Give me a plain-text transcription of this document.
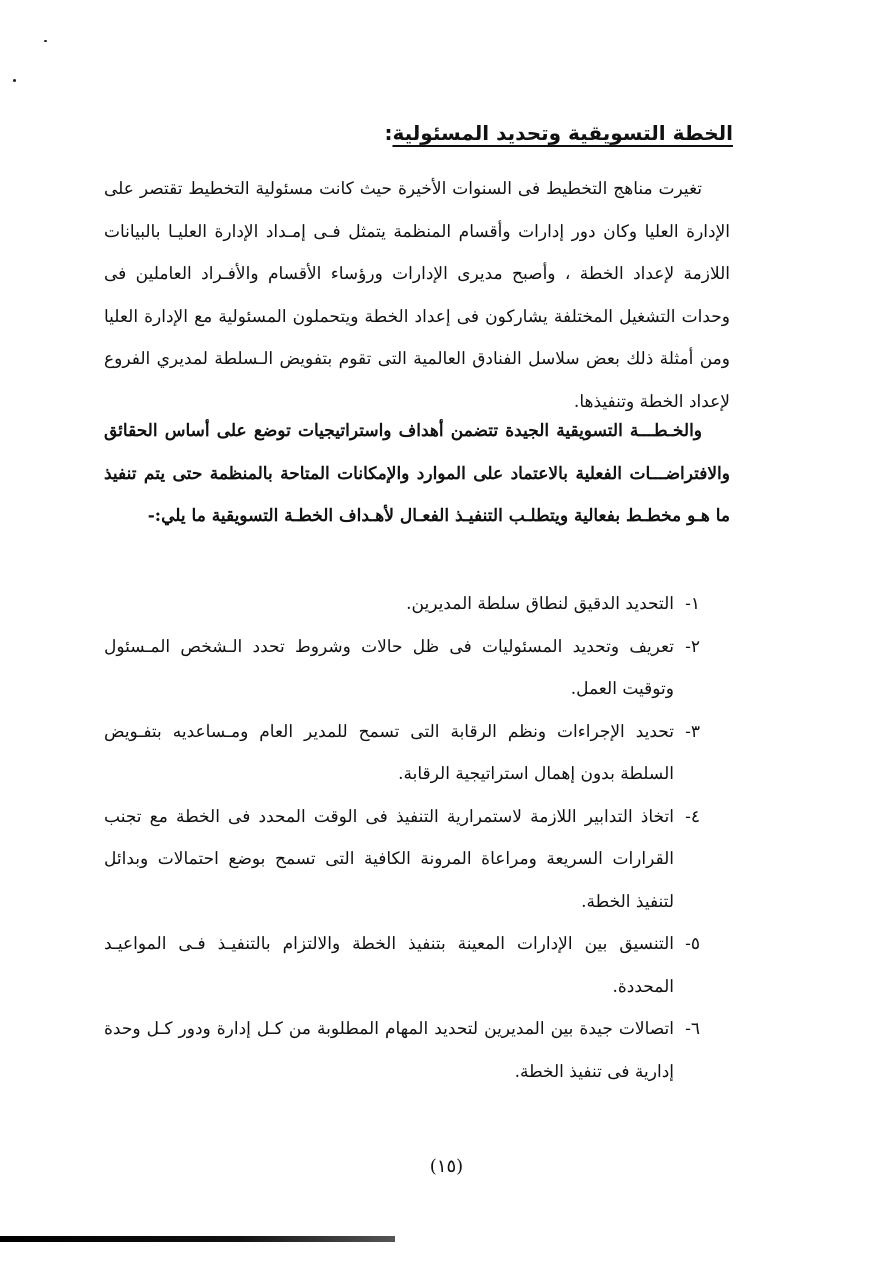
الخطة التسويقية وتحديد المسئولية:

تغيرت مناهج التخطيط فى السنوات الأخيرة حيث كانت مسئولية التخطيط تقتصر على الإدارة العليا وكان دور إدارات وأقسام المنظمة يتمثل فـى إمـداد الإدارة العليـا بالبيانات اللازمة لإعداد الخطة ، وأصبح مديرى الإدارات ورؤساء الأقسام والأفـراد العاملين فى وحدات التشغيل المختلفة يشاركون فى إعداد الخطة ويتحملون المسئولية مع الإدارة العليا ومن أمثلة ذلك بعض سلاسل الفنادق العالمية التى تقوم بتفويض الـسلطة لمديري الفروع لإعداد الخطة وتنفيذها.

والخـطـــة التسويقية الجيدة تتضمن أهداف واستراتيجيات توضع على أساس الحقائق والافتراضـــات الفعلية بالاعتماد على الموارد والإمكانات المتاحة بالمنظمة حتى يتم تنفيذ ما هـو مخطـط بفعالية ويتطلـب التنفيـذ الفعـال لأهـداف الخطـة التسويقية ما يلي:-

١-
التحديد الدقيق لنطاق سلطة المديرين.
٢-
تعريف وتحديد المسئوليات فى ظل حالات وشروط تحدد الـشخص المـسئول وتوقيت العمل.
٣-
تحديد الإجراءات ونظم الرقابة التى تسمح للمدير العام ومـساعديه بتفـويض السلطة بدون إهمال استراتيجية الرقابة.
٤-
اتخاذ التدابير اللازمة لاستمرارية التنفيذ فى الوقت المحدد فى الخطة مع تجنب القرارات السريعة ومراعاة المرونة الكافية التى تسمح بوضع احتمالات وبدائل لتنفيذ الخطة.
٥-
التنسيق بين الإدارات المعينة بتنفيذ الخطة والالتزام بالتنفيـذ فـى المواعيـد المحددة.
٦-
اتصالات جيدة بين المديرين لتحديد المهام المطلوبة من كـل إدارة ودور كـل وحدة إدارية فى تنفيذ الخطة.
(١٥)
